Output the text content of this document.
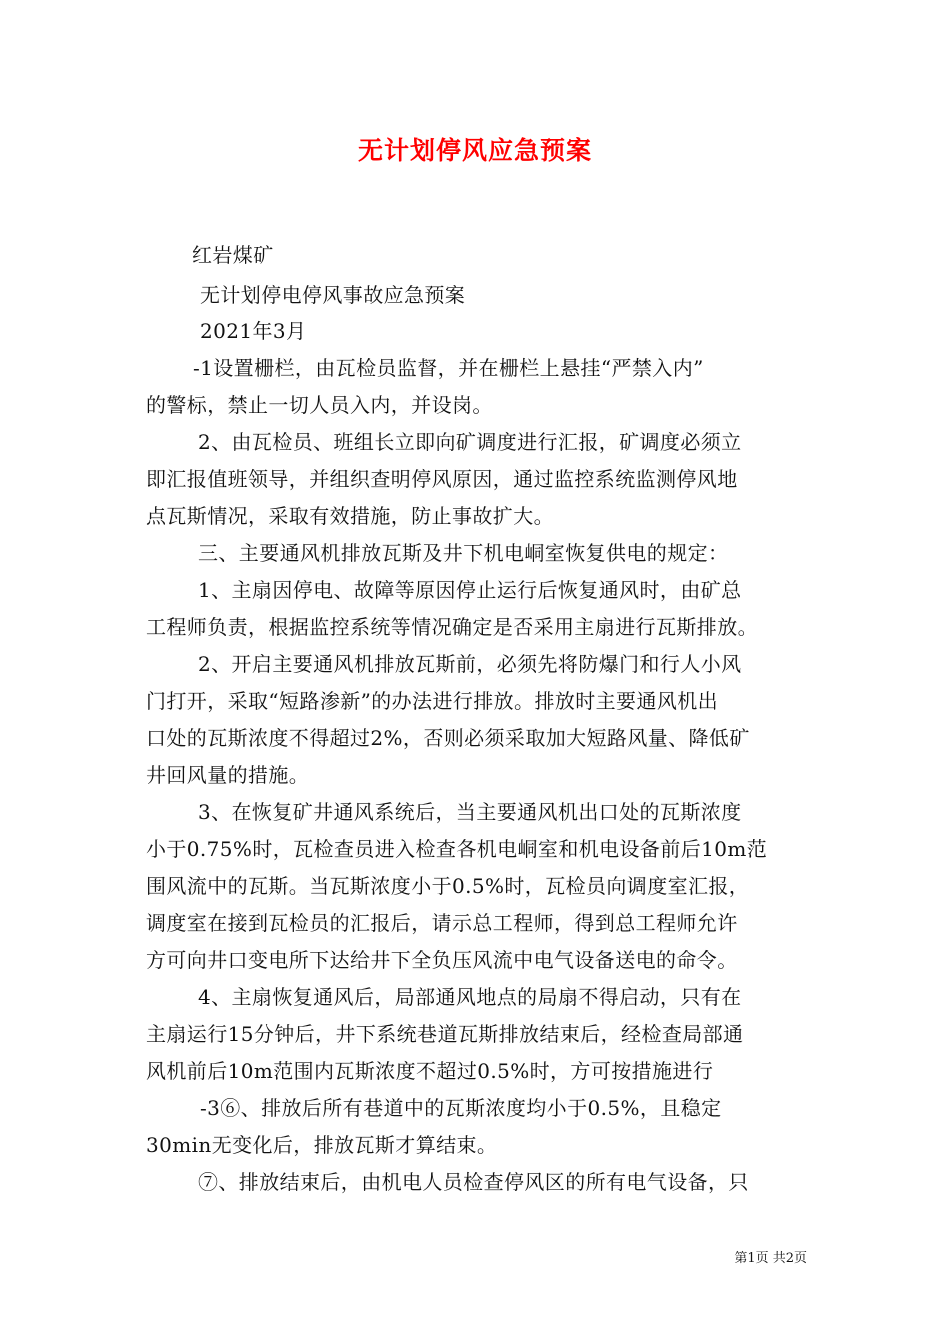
无计划停风应急预案
红岩煤矿
无计划停电停风事故应急预案
2021年3月
-1设置栅栏，由瓦检员监督，并在栅栏上悬挂“严禁入内”
的警标，禁止一切人员入内，并设岗。
2、由瓦检员、班组长立即向矿调度进行汇报，矿调度必须立
即汇报值班领导，并组织查明停风原因，通过监控系统监测停风地
点瓦斯情况，采取有效措施，防止事故扩大。
三、主要通风机排放瓦斯及井下机电峒室恢复供电的规定：
1、主扇因停电、故障等原因停止运行后恢复通风时，由矿总
工程师负责，根据监控系统等情况确定是否采用主扇进行瓦斯排放。
2、开启主要通风机排放瓦斯前，必须先将防爆门和行人小风
门打开，采取“短路渗新”的办法进行排放。排放时主要通风机出
口处的瓦斯浓度不得超过2%，否则必须采取加大短路风量、降低矿
井回风量的措施。
3、在恢复矿井通风系统后，当主要通风机出口处的瓦斯浓度
小于0.75%时，瓦检查员进入检查各机电峒室和机电设备前后10m范
围风流中的瓦斯。当瓦斯浓度小于0.5%时，瓦检员向调度室汇报，
调度室在接到瓦检员的汇报后，请示总工程师，得到总工程师允许
方可向井口变电所下达给井下全负压风流中电气设备送电的命令。
4、主扇恢复通风后，局部通风地点的局扇不得启动，只有在
主扇运行15分钟后，井下系统巷道瓦斯排放结束后，经检查局部通
风机前后10m范围内瓦斯浓度不超过0.5%时，方可按措施进行
-3⑥、排放后所有巷道中的瓦斯浓度均小于0.5%，且稳定
30min无变化后，排放瓦斯才算结束。
⑦、排放结束后，由机电人员检查停风区的所有电气设备，只
第1页 共2页
